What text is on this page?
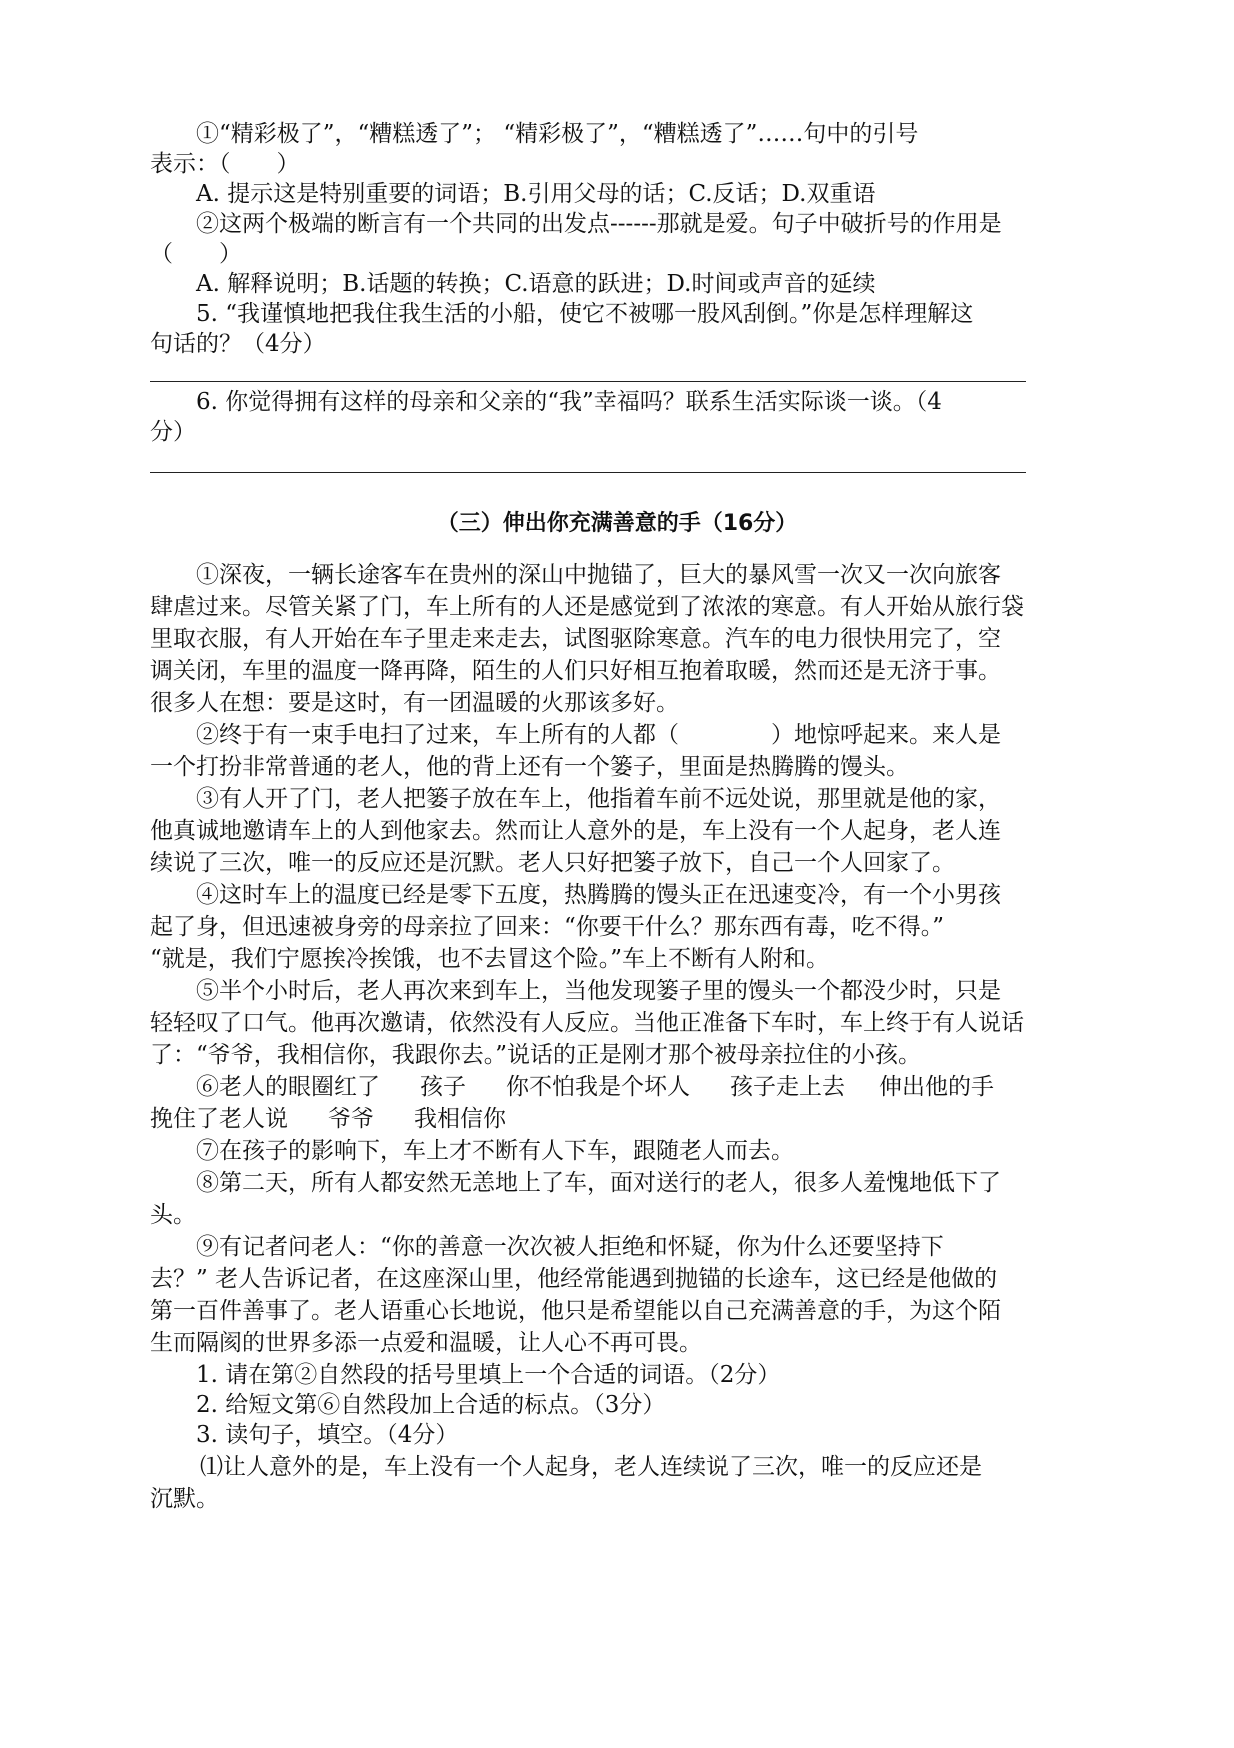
①“精彩极了”，“糟糕透了”； “精彩极了”，“糟糕透了”……句中的引号
表示：（　　）
A. 提示这是特别重要的词语；B.引用父母的话；C.反话；D.双重语
②这两个极端的断言有一个共同的出发点------那就是爱。句子中破折号的作用是
（　　）
A. 解释说明；B.话题的转换；C.语意的跃进；D.时间或声音的延续
5. “我谨慎地把我住我生活的小船，使它不被哪一股风刮倒。”你是怎样理解这
句话的？（4分）
6. 你觉得拥有这样的母亲和父亲的“我”幸福吗？联系生活实际谈一谈。（4
分）
（三）伸出你充满善意的手（16分）
①深夜，一辆长途客车在贵州的深山中抛锚了，巨大的暴风雪一次又一次向旅客
肆虐过来。尽管关紧了门，车上所有的人还是感觉到了浓浓的寒意。有人开始从旅行袋
里取衣服，有人开始在车子里走来走去，试图驱除寒意。汽车的电力很快用完了，空
调关闭，车里的温度一降再降，陌生的人们只好相互抱着取暖，然而还是无济于事。
很多人在想：要是这时，有一团温暖的火那该多好。
②终于有一束手电扫了过来，车上所有的人都（　　　　）地惊呼起来。来人是
一个打扮非常普通的老人，他的背上还有一个篓子，里面是热腾腾的馒头。
③有人开了门，老人把篓子放在车上，他指着车前不远处说，那里就是他的家，
他真诚地邀请车上的人到他家去。然而让人意外的是，车上没有一个人起身，老人连
续说了三次，唯一的反应还是沉默。老人只好把篓子放下，自己一个人回家了。
④这时车上的温度已经是零下五度，热腾腾的馒头正在迅速变冷，有一个小男孩
起了身，但迅速被身旁的母亲拉了回来：“你要干什么？那东西有毒，吃不得。”
“就是，我们宁愿挨冷挨饿，也不去冒这个险。”车上不断有人附和。
⑤半个小时后，老人再次来到车上，当他发现篓子里的馒头一个都没少时，只是
轻轻叹了口气。他再次邀请，依然没有人反应。当他正准备下车时，车上终于有人说话
了：“爷爷，我相信你，我跟你去。”说话的正是刚才那个被母亲拉住的小孩。
⑥老人的眼圈红了 孩子 你不怕我是个坏人 孩子走上去 伸出他的手
挽住了老人说 爷爷 我相信你
⑦在孩子的影响下，车上才不断有人下车，跟随老人而去。
⑧第二天，所有人都安然无恙地上了车，面对送行的老人，很多人羞愧地低下了
头。
⑨有记者问老人：“你的善意一次次被人拒绝和怀疑，你为什么还要坚持下
去？” 老人告诉记者，在这座深山里，他经常能遇到抛锚的长途车，这已经是他做的
第一百件善事了。老人语重心长地说，他只是希望能以自己充满善意的手，为这个陌
生而隔阂的世界多添一点爱和温暖，让人心不再可畏。
1. 请在第②自然段的括号里填上一个合适的词语。（2分）
2. 给短文第⑥自然段加上合适的标点。（3分）
3. 读句子，填空。（4分）
⑴让人意外的是，车上没有一个人起身，老人连续说了三次，唯一的反应还是
沉默。
